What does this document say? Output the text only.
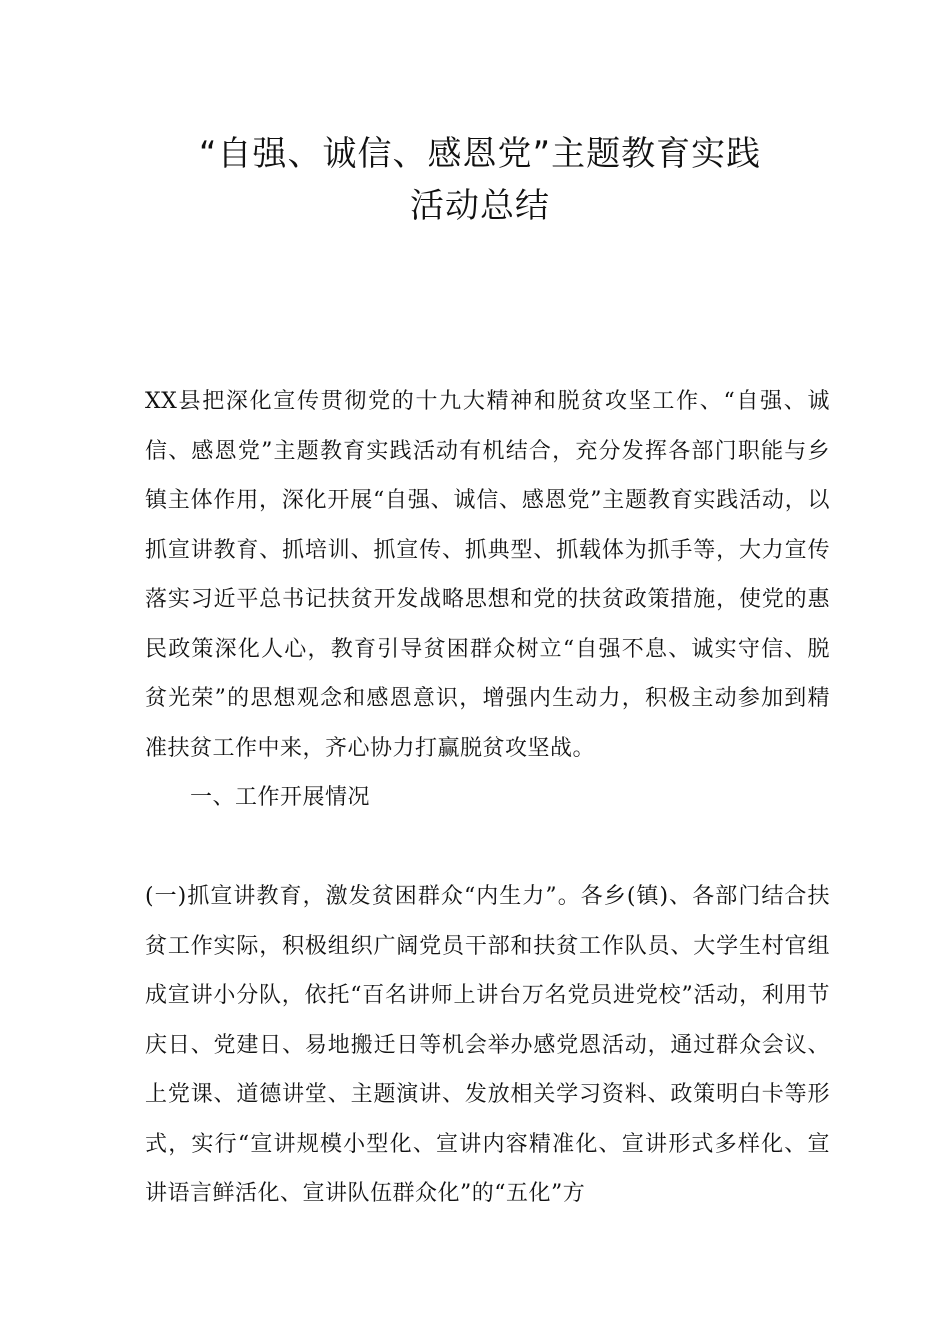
“自强、诚信、感恩党”主题教育实践
活动总结

XX县把深化宣传贯彻党的十九大精神和脱贫攻坚工作、“自强、诚信、感恩党”主题教育实践活动有机结合，充分发挥各部门职能与乡镇主体作用，深化开展“自强、诚信、感恩党”主题教育实践活动，以抓宣讲教育、抓培训、抓宣传、抓典型、抓载体为抓手等，大力宣传落实习近平总书记扶贫开发战略思想和党的扶贫政策措施，使党的惠民政策深化人心，教育引导贫困群众树立“自强不息、诚实守信、脱贫光荣”的思想观念和感恩意识，增强内生动力，积极主动参加到精准扶贫工作中来，齐心协力打赢脱贫攻坚战。

一、工作开展情况

(一)抓宣讲教育，激发贫困群众“内生力”。各乡(镇)、各部门结合扶贫工作实际，积极组织广阔党员干部和扶贫工作队员、大学生村官组成宣讲小分队，依托“百名讲师上讲台万名党员进党校”活动，利用节庆日、党建日、易地搬迁日等机会举办感党恩活动，通过群众会议、上党课、道德讲堂、主题演讲、发放相关学习资料、政策明白卡等形式，实行“宣讲规模小型化、宣讲内容精准化、宣讲形式多样化、宣讲语言鲜活化、宣讲队伍群众化”的“五化”方
